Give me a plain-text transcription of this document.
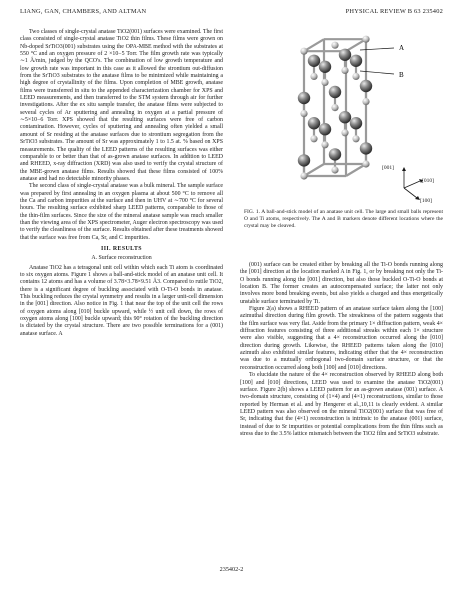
LIANG, GAN, CHAMBERS, AND ALTMAN	PHYSICAL REVIEW B 63 235402

Two classes of single-crystal anatase TiO2(001) surfaces were examined. The first class consisted of single-crystal anatase TiO2 thin films. These films were grown on Nb-doped SrTiO3(001) substrates using the OPA-MBE method with the substrates at 550 °C and an oxygen pressure of 2 ×10−5 Torr. The film growth rate was typically ∼1 Å/min, judged by the QCO's. The combination of low growth temperature and low growth rate was important in this case as it allowed the strontium out-diffusion from the SrTiO3 substrates to the anatase films to be minimized while maintaining a high degree of crystallinity of the films. Upon completion of MBE growth, anatase films were transferred in situ to the appended characterization chamber for XPS and LEED measurements, and then transferred to the STM system through air for further investigations. After the ex situ sample transfer, the anatase films were subjected to several cycles of Ar sputtering and annealing in oxygen at a partial pressure of ∼5×10−6 Torr. XPS showed that the resulting surfaces were free of carbon contamination. However, cycles of sputtering and annealing often yielded a small amount of Sr residing at the anatase surfaces due to strontium segregation from the SrTiO3 substrates. The amount of Sr was approximately 1 to 1.5 at. % based on XPS measurements. The quality of the LEED patterns of the resulting surfaces was either comparable to or better than that of as-grown anatase surfaces. In addition to LEED and RHEED, x-ray diffraction (XRD) was also used to verify the crystal structure of the MBE-grown anatase films. Results showed that these films consisted of 100% anatase and had no detectable minority phases.

The second class of single-crystal anatase was a bulk mineral. The sample surface was prepared by first annealing in an oxygen plasma at about 500 °C to remove all the Ca and carbon impurities at the surface and then in UHV at ∼700 °C for several hours. The resulting surface exhibited sharp LEED patterns, comparable to those of the thin-film surfaces. Since the size of the mineral anatase sample was much smaller than the viewing area of the XPS spectrometer, Auger electron spectroscopy was used to verify the cleanliness of the surface. Results obtained after these treatments showed that the surface was free from Ca, Sr, and C impurities.

III. RESULTS
A. Surface reconstruction

Anatase TiO2 has a tetragonal unit cell within which each Ti atom is coordinated to six oxygen atoms. Figure 1 shows a ball-and-stick model of an anatase unit cell. It contains 12 atoms and has a volume of 3.78×3.78×9.51 Å3. Compared to rutile TiO2, there is a significant degree of buckling associated with O-Ti-O bonds in anatase. This buckling reduces the crystal symmetry and results in a larger unit-cell dimension in the [001] direction. Also notice in Fig. 1 that near the top of the unit cell the rows of oxygen atoms along [010] buckle upward, while ½ unit cell down, the rows of oxygen atoms along [100] buckle upward; this 90° rotation of the buckling direction is dictated by the crystal structure. There are two possible terminations for a (001) anatase surface. A

A
B
[001]
[010]
[100]
FIG. 1. A ball-and-stick model of an anatase unit cell. The large and small balls represent O and Ti atoms, respectively. The A and B markers denote different locations where the crystal may be cleaved.

(001) surface can be created either by breaking all the Ti-O bonds running along the [001] direction at the location marked A in Fig. 1, or by breaking not only the Ti-O bonds running along the [001] direction, but also those buckled O-Ti-O bonds at location B. The former creates an autocompensated surface; the latter not only involves more bond breaking events, but also yields a charged and thus energetically unstable surface terminated by Ti.

Figure 2(a) shows a RHEED pattern of an anatase surface taken along the [100] azimuthal direction during film growth. The streakiness of the pattern suggests that the film surface was very flat. Aside from the primary 1× diffraction pattern, weak 4× diffraction features consisting of three additional streaks within each 1× structure were also visible, suggesting that a 4× reconstruction occurred along the [010] direction during growth. Likewise, the RHEED patterns taken along the [010] azimuth also exhibited similar features, indicating either that the 4× reconstruction was due to a mutually orthogonal two-domain surface structure, or that the reconstruction occurred along both [100] and [010] directions.

To elucidate the nature of the 4× reconstruction observed by RHEED along both [100] and [010] directions, LEED was used to examine the anatase TiO2(001) surface. Figure 2(b) shows a LEED pattern for an as-grown anatase (001) surface. A two-domain structure, consisting of (1×4) and (4×1) reconstructions, similar to those reported by Herman et al. and by Hengerer et al.,10,11 is clearly evident. A similar LEED pattern was also observed on the mineral TiO2(001) surface that was free of Sr, indicating that the (4×1) reconstruction is intrinsic to the anatase (001) surface, instead of due to Sr impurities or potential complications from the thin films such as stress due to the 3.5% lattice mismatch between the TiO2 film and SrTiO3 substrate.

235402-2
